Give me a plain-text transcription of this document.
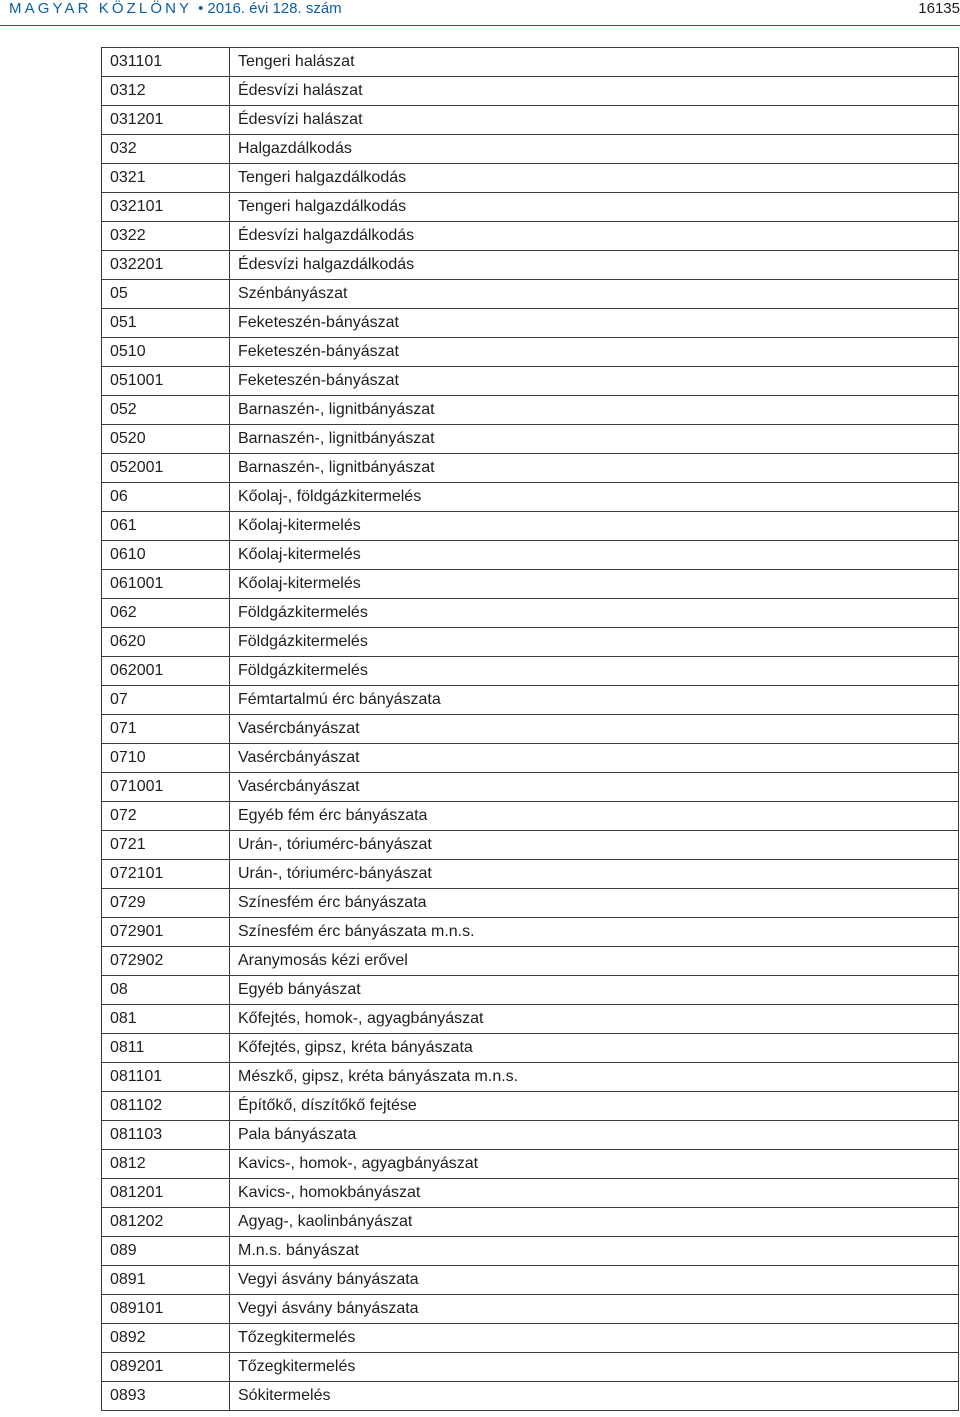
MAGYAR KÖZLÖNY • 2016. évi 128. szám	16135
031101	Tengeri halászat
0312	Édesvízi halászat
031201	Édesvízi halászat
032	Halgazdálkodás
0321	Tengeri halgazdálkodás
032101	Tengeri halgazdálkodás
0322	Édesvízi halgazdálkodás
032201	Édesvízi halgazdálkodás
05	Szénbányászat
051	Feketeszén-bányászat
0510	Feketeszén-bányászat
051001	Feketeszén-bányászat
052	Barnaszén-, lignitbányászat
0520	Barnaszén-, lignitbányászat
052001	Barnaszén-, lignitbányászat
06	Kőolaj-, földgázkitermelés
061	Kőolaj-kitermelés
0610	Kőolaj-kitermelés
061001	Kőolaj-kitermelés
062	Földgázkitermelés
0620	Földgázkitermelés
062001	Földgázkitermelés
07	Fémtartalmú érc bányászata
071	Vasércbányászat
0710	Vasércbányászat
071001	Vasércbányászat
072	Egyéb fém érc bányászata
0721	Urán-, tóriumérc-bányászat
072101	Urán-, tóriumérc-bányászat
0729	Színesfém érc bányászata
072901	Színesfém érc bányászata m.n.s.
072902	Aranymosás kézi erővel
08	Egyéb bányászat
081	Kőfejtés, homok-, agyagbányászat
0811	Kőfejtés, gipsz, kréta bányászata
081101	Mészkő, gipsz, kréta bányászata m.n.s.
081102	Építőkő, díszítőkő fejtése
081103	Pala bányászata
0812	Kavics-, homok-, agyagbányászat
081201	Kavics-, homokbányászat
081202	Agyag-, kaolinbányászat
089	M.n.s. bányászat
0891	Vegyi ásvány bányászata
089101	Vegyi ásvány bányászata
0892	Tőzegkitermelés
089201	Tőzegkitermelés
0893	Sókitermelés
